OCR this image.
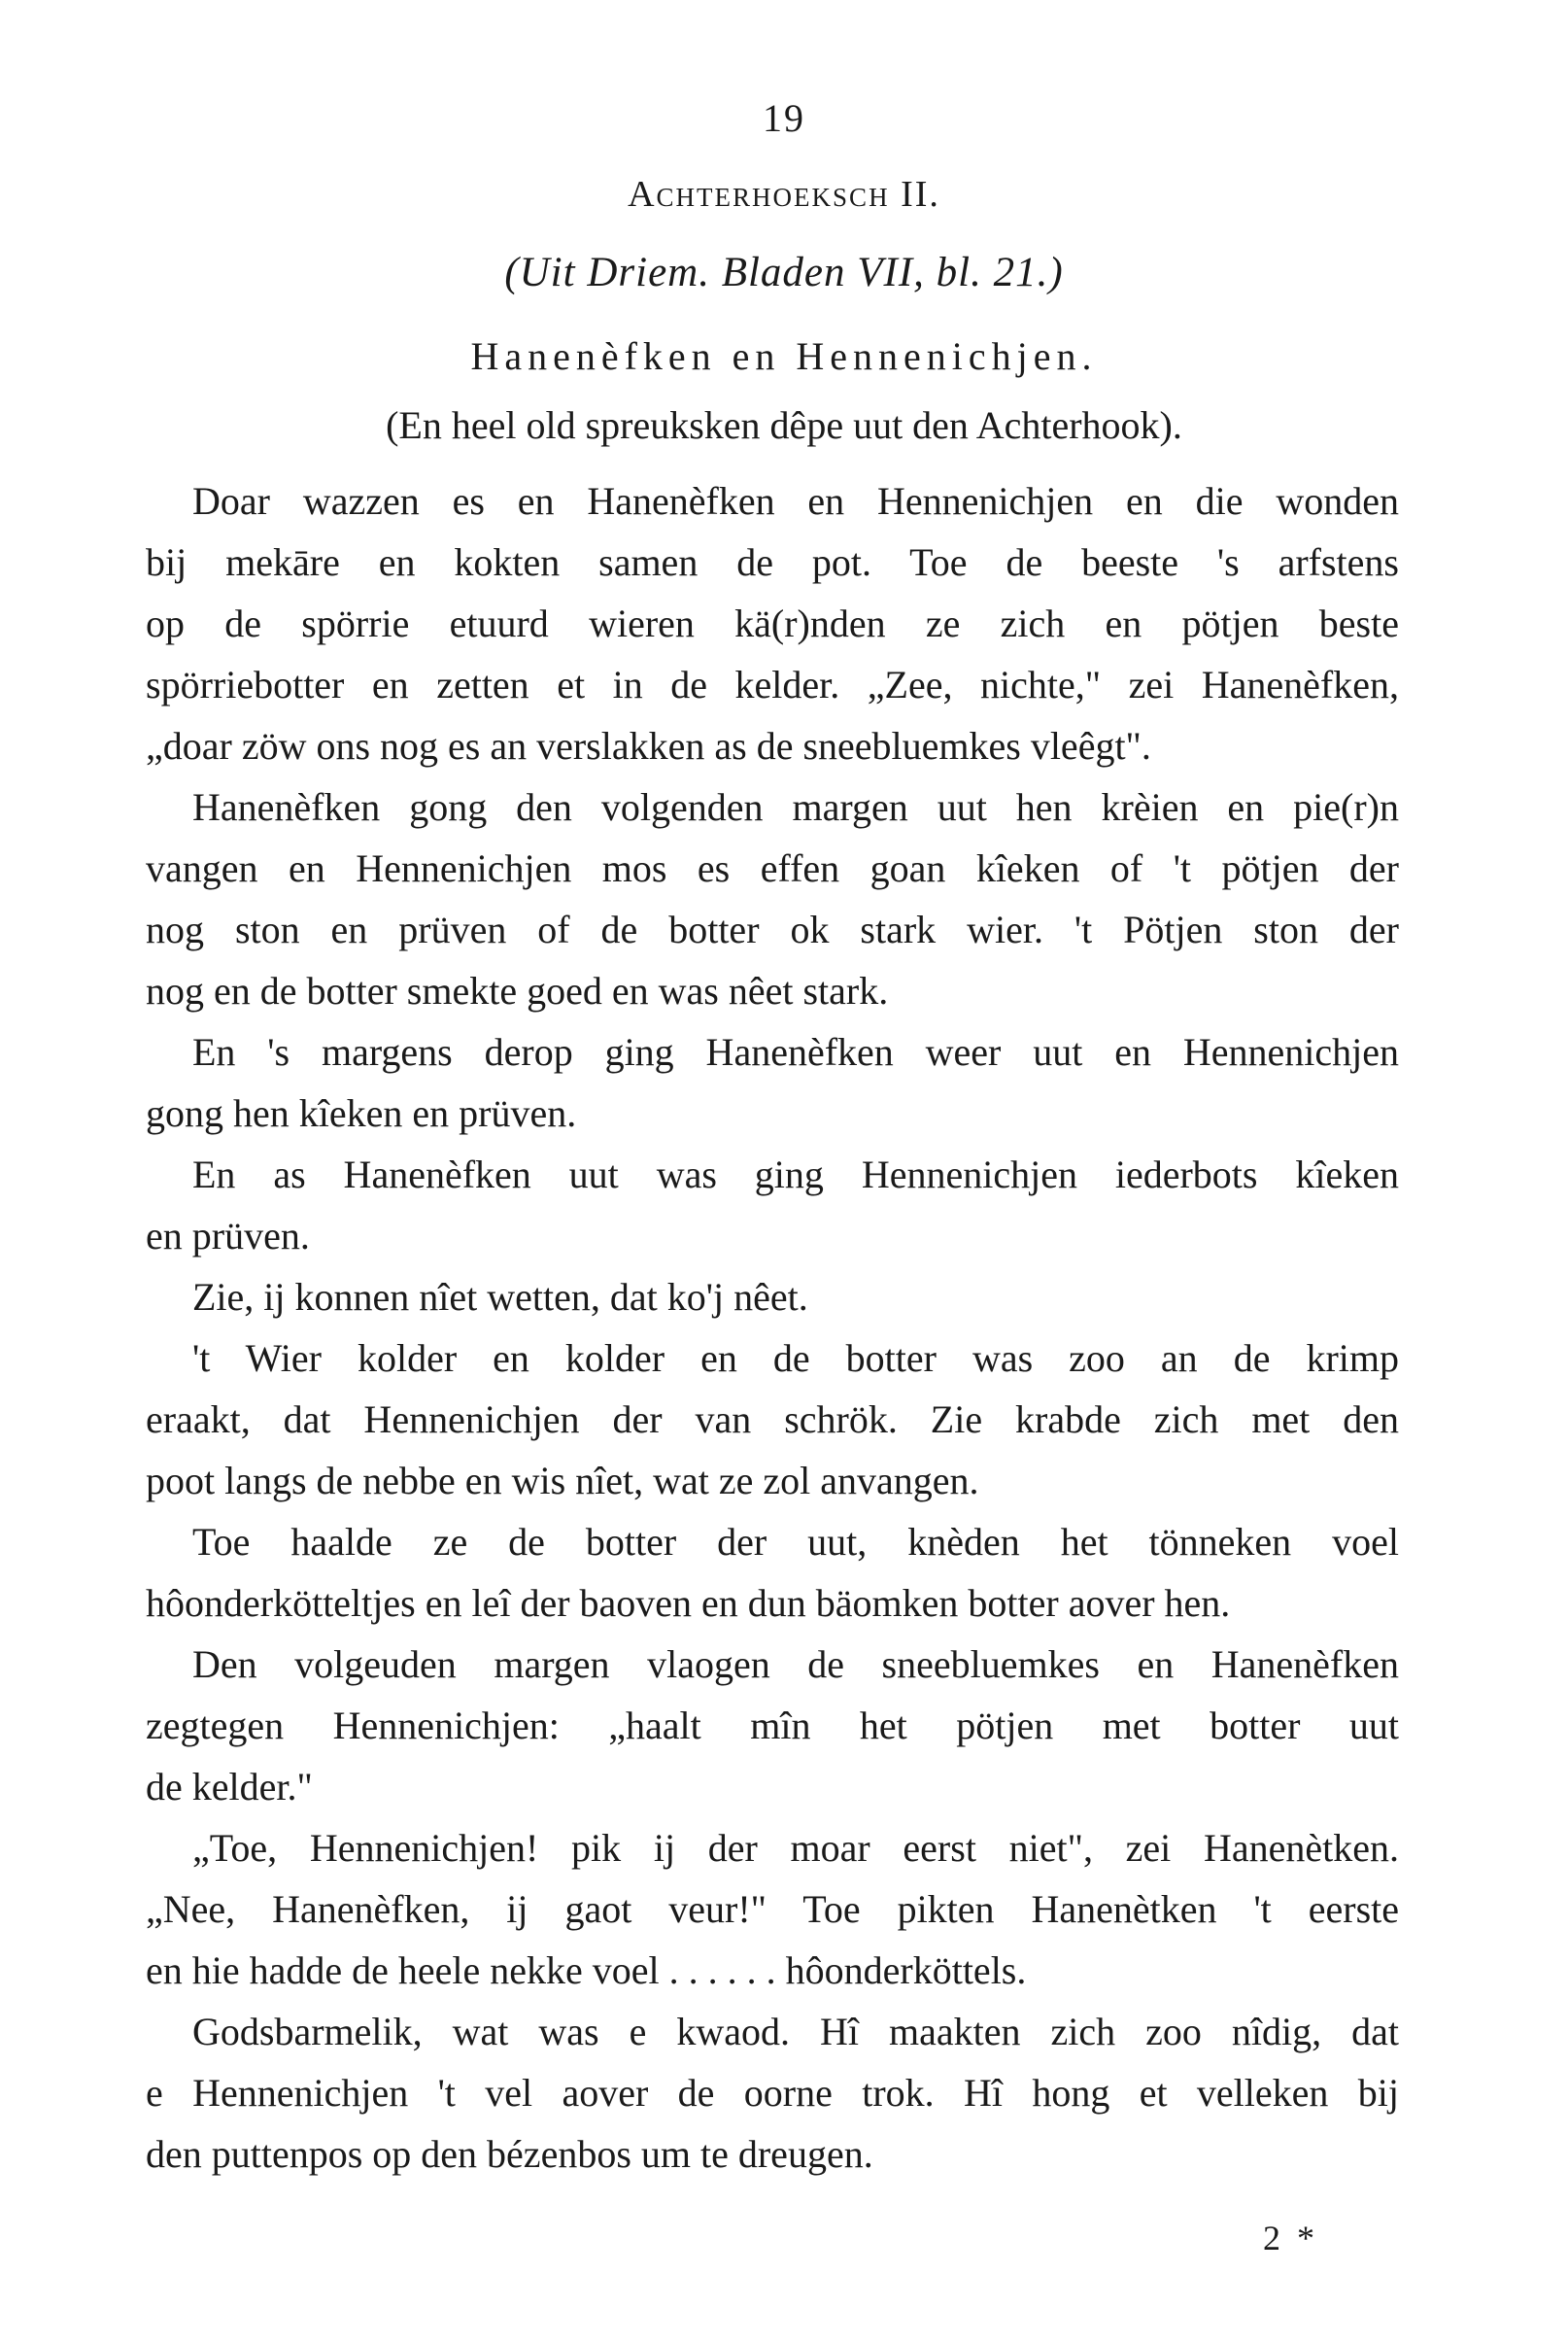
19
Achterhoeksch II.
(Uit Driem. Bladen VII, bl. 21.)
Hanenèfken en Hennenichjen.
(En heel old spreuksken dêpe uut den Achterhook).
Doar wazzen es en Hanenèfken en Hennenichjen en die wonden
bij mekāre en kokten samen de pot. Toe de beeste 's arfstens
op de spörrie etuurd wieren kä(r)nden ze zich en pötjen beste
spörriebotter en zetten et in de kelder. „Zee, nichte," zei Hanenèfken,
„doar zöw ons nog es an verslakken as de sneebluemkes vleêgt".
Hanenèfken gong den volgenden margen uut hen krèien en pie(r)n
vangen en Hennenichjen mos es effen goan kîeken of 't pötjen der
nog ston en prüven of de botter ok stark wier. 't Pötjen ston der
nog en de botter smekte goed en was nêet stark.
En 's margens derop ging Hanenèfken weer uut en Hennenichjen
gong hen kîeken en prüven.
En as Hanenèfken uut was ging Hennenichjen iederbots kîeken
en prüven.
Zie, ij konnen nîet wetten, dat ko'j nêet.
't Wier kolder en kolder en de botter was zoo an de krimp
eraakt, dat Hennenichjen der van schrök. Zie krabde zich met den
poot langs de nebbe en wis nîet, wat ze zol anvangen.
Toe haalde ze de botter der uut, knèden het tönneken voel
hôonderkötteltjes en leî der baoven en dun bäomken botter aover hen.
Den volgeuden margen vlaogen de sneebluemkes en Hanenèfken
zegtegen Hennenichjen: „haalt mîn het pötjen met botter uut
de kelder."
„Toe, Hennenichjen! pik ij der moar eerst niet", zei Hanenètken.
„Nee, Hanenèfken, ij gaot veur!" Toe pikten Hanenètken 't eerste
en hie hadde de heele nekke voel . . . . . . hôonderköttels.
Godsbarmelik, wat was e kwaod. Hî maakten zich zoo nîdig, dat
e Hennenichjen 't vel aover de oorne trok. Hî hong et velleken bij
den puttenpos op den bézenbos um te dreugen.
2 *
